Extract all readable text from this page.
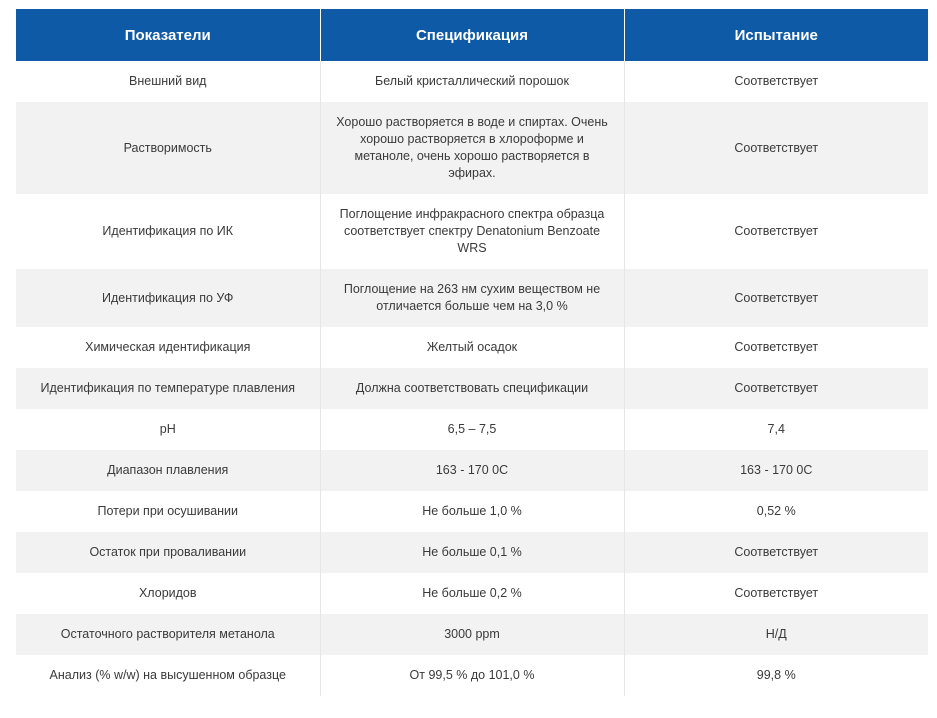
Показатели	Спецификация	Испытание
Внешний вид	Белый кристаллический порошок	Соответствует
Растворимость	Хорошо растворяется в воде и спиртах. Очень хорошо растворяется в хлороформе и метаноле, очень хорошо растворяется в эфирах.	Соответствует
Идентификация по ИК	Поглощение инфракрасного спектра образца соответствует спектру Denatonium Benzoate WRS	Соответствует
Идентификация по УФ	Поглощение на 263 нм сухим веществом не отличается больше чем на 3,0 %	Соответствует
Химическая идентификация	Желтый осадок	Соответствует
Идентификация по температуре плавления	Должна соответствовать спецификации	Соответствует
pH	6,5 – 7,5	7,4
Диапазон плавления	163 - 170 0C	163 - 170 0C
Потери при осушивании	Не больше 1,0 %	0,52 %
Остаток при проваливании	Не больше 0,1 %	Соответствует
Хлоридов	Не больше 0,2 %	Соответствует
Остаточного растворителя метанола	3000 ppm	Н/Д
Анализ (% w/w) на высушенном образце	От 99,5 % до 101,0 %	99,8 %
